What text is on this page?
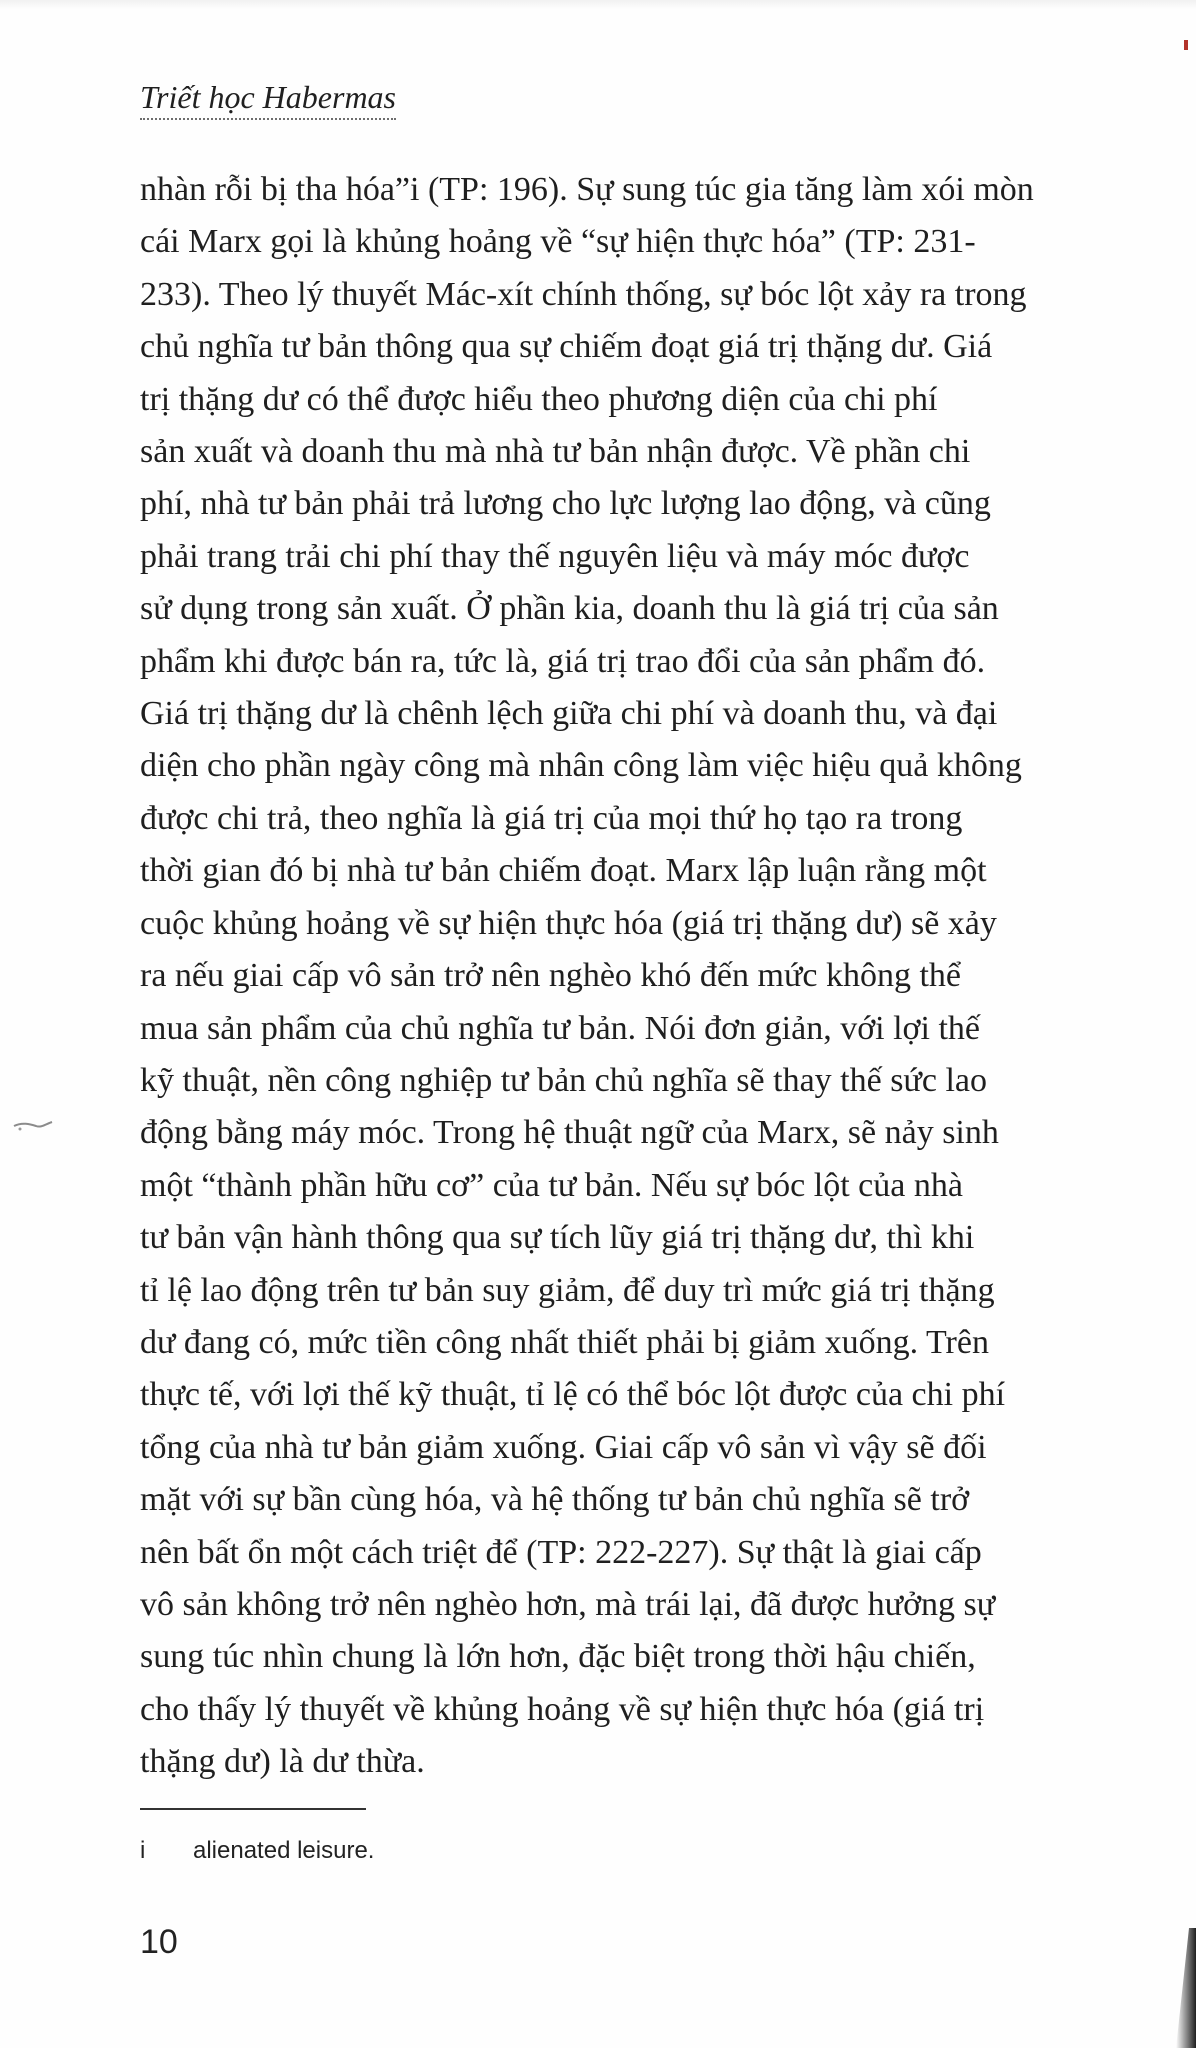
Triết học Habermas

nhàn rỗi bị tha hóa”i (TP: 196). Sự sung túc gia tăng làm xói mòn
cái Marx gọi là khủng hoảng về “sự hiện thực hóa” (TP: 231-
233). Theo lý thuyết Mác-xít chính thống, sự bóc lột xảy ra trong
chủ nghĩa tư bản thông qua sự chiếm đoạt giá trị thặng dư. Giá
trị thặng dư có thể được hiểu theo phương diện của chi phí
sản xuất và doanh thu mà nhà tư bản nhận được. Về phần chi
phí, nhà tư bản phải trả lương cho lực lượng lao động, và cũng
phải trang trải chi phí thay thế nguyên liệu và máy móc được
sử dụng trong sản xuất. Ở phần kia, doanh thu là giá trị của sản
phẩm khi được bán ra, tức là, giá trị trao đổi của sản phẩm đó.
Giá trị thặng dư là chênh lệch giữa chi phí và doanh thu, và đại
diện cho phần ngày công mà nhân công làm việc hiệu quả không
được chi trả, theo nghĩa là giá trị của mọi thứ họ tạo ra trong
thời gian đó bị nhà tư bản chiếm đoạt. Marx lập luận rằng một
cuộc khủng hoảng về sự hiện thực hóa (giá trị thặng dư) sẽ xảy
ra nếu giai cấp vô sản trở nên nghèo khó đến mức không thể
mua sản phẩm của chủ nghĩa tư bản. Nói đơn giản, với lợi thế
kỹ thuật, nền công nghiệp tư bản chủ nghĩa sẽ thay thế sức lao
động bằng máy móc. Trong hệ thuật ngữ của Marx, sẽ nảy sinh
một “thành phần hữu cơ” của tư bản. Nếu sự bóc lột của nhà
tư bản vận hành thông qua sự tích lũy giá trị thặng dư, thì khi
tỉ lệ lao động trên tư bản suy giảm, để duy trì mức giá trị thặng
dư đang có, mức tiền công nhất thiết phải bị giảm xuống. Trên
thực tế, với lợi thế kỹ thuật, tỉ lệ có thể bóc lột được của chi phí
tổng của nhà tư bản giảm xuống. Giai cấp vô sản vì vậy sẽ đối
mặt với sự bần cùng hóa, và hệ thống tư bản chủ nghĩa sẽ trở
nên bất ổn một cách triệt để (TP: 222-227). Sự thật là giai cấp
vô sản không trở nên nghèo hơn, mà trái lại, đã được hưởng sự
sung túc nhìn chung là lớn hơn, đặc biệt trong thời hậu chiến,
cho thấy lý thuyết về khủng hoảng về sự hiện thực hóa (giá trị
thặng dư) là dư thừa.

i alienated leisure.
10
